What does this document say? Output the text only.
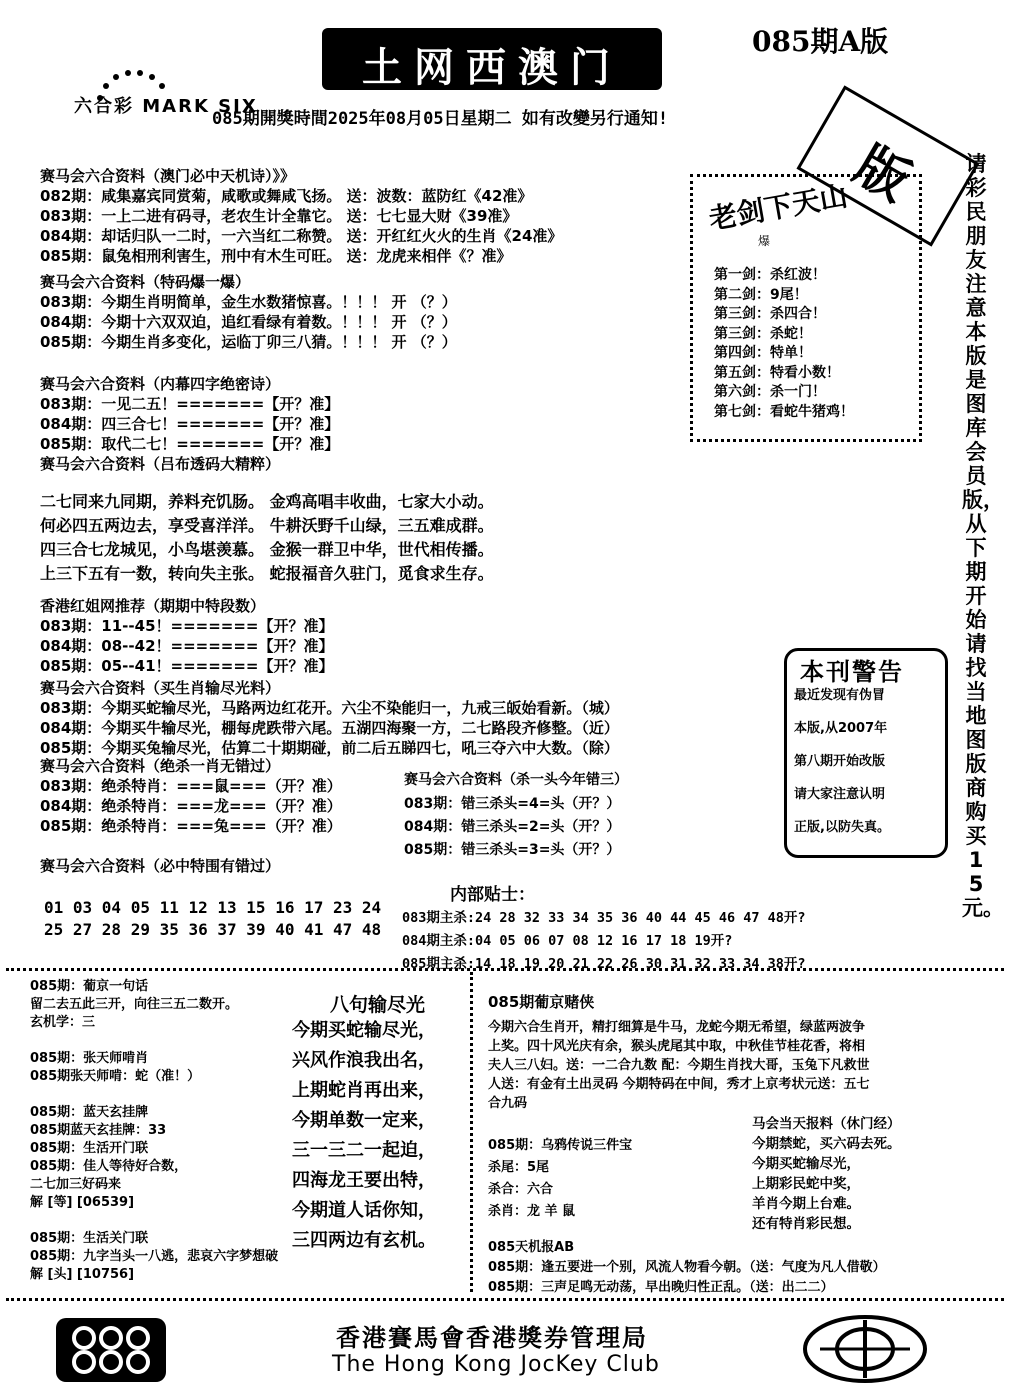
土网西澳门
085期A版
六合彩 MARK SIX
085期開獎時間2025年08月05日星期二 如有改變另行通知!
版 请彩民朋友注意本版是图库会员版，从下期开始请找当地图版商购买15元。
老剑下天山
爆
第一剑：杀红波！
第二剑：9尾！
第三剑：杀四合！
第三剑：杀蛇！
第四剑：特单！
第五剑：特看小数！
第六剑：杀一门！
第七剑：看蛇牛猪鸡！
赛马会六合资料（澳门必中天机诗）》》
082期：咸集嘉宾同赏菊，咸歌或舞咸飞扬。 送：波数：蓝防红《42准》
083期：一上二进有码寻，老农生计全靠它。 送：七七显大财《39准》
084期：却话归队一二时，一六当红二称赞。 送：开红红火火的生肖《24准》
085期：鼠兔相刑利害生，刑中有木生可旺。 送：龙虎来相伴《？准》
赛马会六合资料（特码爆一爆）
083期：今期生肖明简单，金生水数猪惊喜。！！！ 开 （？）
084期：今期十六双双迫，追红看绿有着数。！！！ 开 （？）
085期：今期生肖多变化，运临丁卯三八猜。！！！ 开 （？）
赛马会六合资料（内幕四字绝密诗）
083期：一见二五！=======【开？准】
084期：四三合七！=======【开？准】
085期：取代二七！=======【开？准】
赛马会六合资料（吕布透码大精粹）
二七同来九同期，养料充饥肠。 金鸡高唱丰收曲，七家大小动。
何必四五两边去，享受喜洋洋。 牛耕沃野千山绿，三五难成群。
四三合七龙城见，小鸟堪羡慕。 金猴一群卫中华，世代相传播。
上三下五有一数，转向失主张。 蛇报福音久驻门，觅食求生存。
香港红姐网推荐（期期中特段数）
083期：11--45！=======【开？准】
084期：08--42！=======【开？准】
085期：05--41！=======【开？准】
赛马会六合资料（买生肖输尽光料）
083期：今期买蛇输尽光，马路两边红花开。六尘不染能归一，九戒三皈始看新。（城）
084期：今期买牛输尽光，棚每虎跌带六尾。五湖四海聚一方，二七路段齐修整。（近）
085期：今期买兔输尽光，估算二十期期碰，前二后五睇四七，吼三夺六中大数。（除）
赛马会六合资料（绝杀一肖无错过）
083期：绝杀特肖：===鼠===（开？准）
084期：绝杀特肖：===龙===（开？准）
085期：绝杀特肖：===兔===（开？准）
赛马会六合资料（杀一头今年错三）
083期：错三杀头=4=头（开？）
084期：错三杀头=2=头（开？）
085期：错三杀头=3=头（开？）
赛马会六合资料（必中特围有错过）
01 03 04 05 11 12 13 15 16 17 23 24
25 27 28 29 35 36 37 39 40 41 47 48
内部贴士：
083期主杀:24 28 32 33 34 35 36 40 44 45 46 47 48开?
084期主杀:04 05 06 07 08 12 16 17 18 19开?
085期主杀:14 18 19 20 21 22 26 30 31 32 33 34 38开?
本刊警告
最近发现有伪冒
本版,从2007年
第八期开始改版
请大家注意认明
正版,以防失真。
085期：葡京一句话
留二去五此三开，向往三五二数开。
玄机学：三
085期：张天师啃肖
085期张天师啃：蛇（准！）
085期：蓝天玄挂牌
085期蓝天玄挂牌：33
085期：生活开门联
085期：佳人等待好合数，
二七加三好码来
解 [等] [06539]
085期：生活关门联
085期：九字当头一八逃，悲哀六字梦想破
解 [头] [10756]
八句输尽光
今期买蛇输尽光，
兴风作浪我出名，
上期蛇肖再出来，
今期单数一定来，
三一三二一起迫，
四海龙王要出特，
今期道人话你知，
三四两边有玄机。
085期葡京赌侠
今期六合生肖开，精打细算是牛马，龙蛇今期无希望，绿蓝两波争
上奖。四十风光庆有余，猴头虎尾其中取，中秋佳节桂花香，将相
夫人三八妇。送：一二合九数 配：今期生肖找大哥，玉兔下凡救世
人送：有金有土出灵码 今期特码在中间，秀才上京考状元送：五七
合九码
085期：乌鸦传说三件宝
杀尾：5尾
杀合：六合
杀肖：龙 羊 鼠
马会当天报料（休门经）
今期禁蛇，买六码去死。
今期买蛇输尽光，
上期彩民蛇中奖，
羊肖今期上台难。
还有特肖彩民想。
085天机报AB
085期：逢五要进一个别，风流人物看今朝。（送：气度为凡人借敬）
085期：三声足鸣无动荡，早出晚归性正乱。（送：出二二）
香港賽馬會香港獎券管理局
The Hong Kong JocKey Club
